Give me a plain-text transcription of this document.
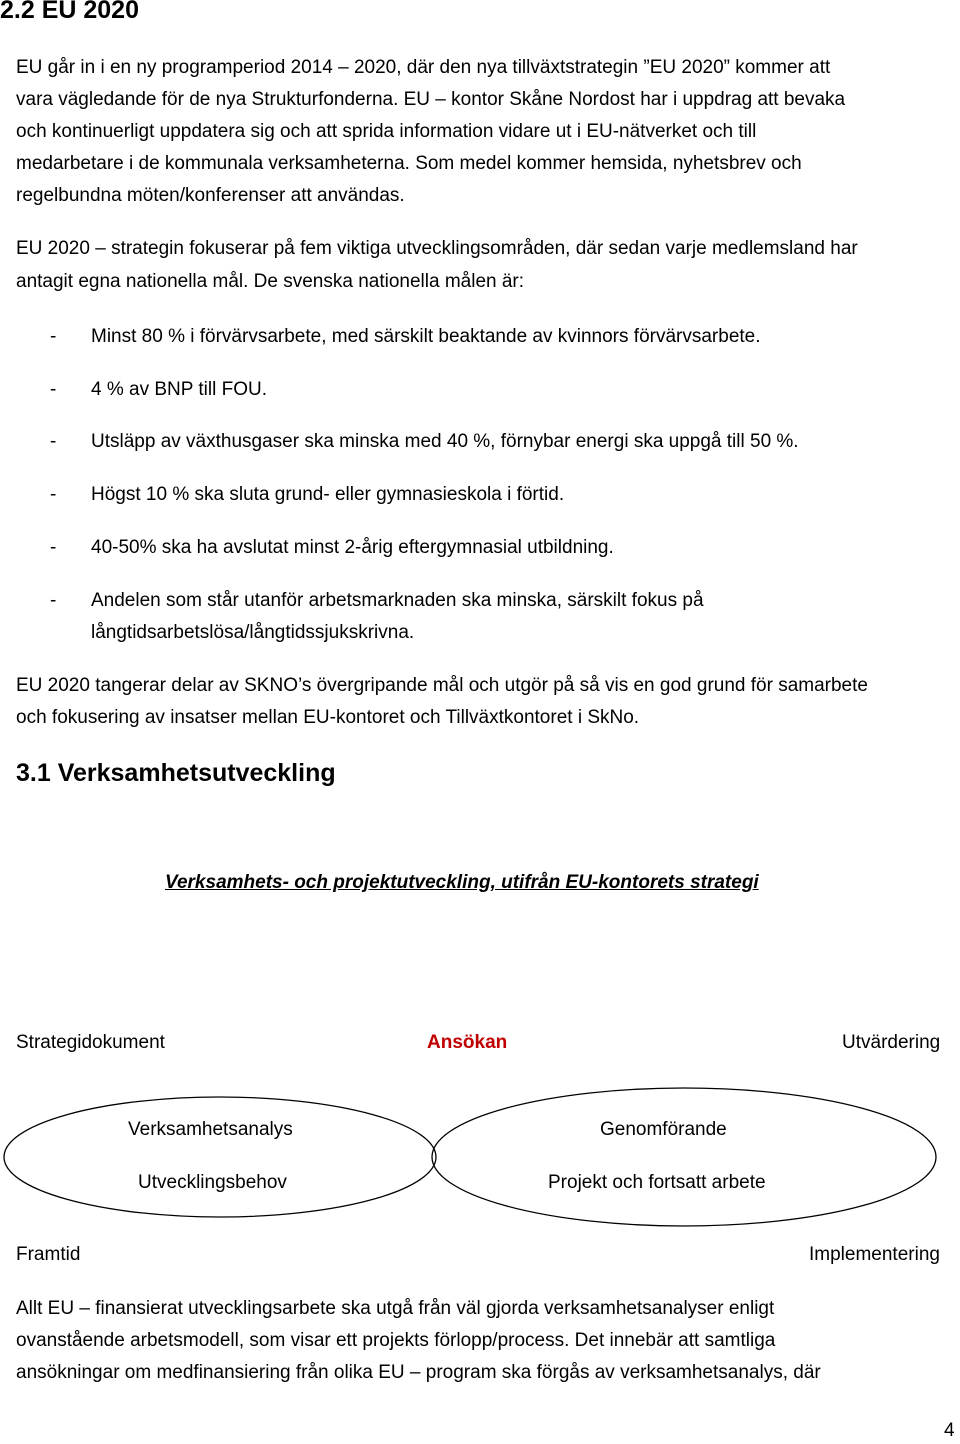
2.2 EU 2020
EU går in i en ny programperiod 2014 – 2020, där den nya tillväxtstrategin ”EU 2020” kommer att
vara vägledande för de nya Strukturfonderna. EU – kontor Skåne Nordost har i uppdrag att bevaka
och kontinuerligt uppdatera sig och att sprida information vidare ut i EU-nätverket och till
medarbetare i de kommunala verksamheterna. Som medel kommer hemsida, nyhetsbrev och
regelbundna möten/konferenser att användas.
EU 2020 – strategin fokuserar på fem viktiga utvecklingsområden, där sedan varje medlemsland har
antagit egna nationella mål. De svenska nationella målen är:
- Minst 80 % i förvärvsarbete, med särskilt beaktande av kvinnors förvärvsarbete.
- 4 % av BNP till FOU.
- Utsläpp av växthusgaser ska minska med 40 %, förnybar energi ska uppgå till 50 %.
- Högst 10 % ska sluta grund- eller gymnasieskola i förtid.
- 40-50% ska ha avslutat minst 2-årig eftergymnasial utbildning.
- Andelen som står utanför arbetsmarknaden ska minska, särskilt fokus på
långtidsarbetslösa/långtidssjukskrivna.
EU 2020 tangerar delar av SKNO’s övergripande mål och utgör på så vis en god grund för samarbete
och fokusering av insatser mellan EU-kontoret och Tillväxtkontoret i SkNo.
3.1 Verksamhetsutveckling
Verksamhets- och projektutveckling, utifrån EU-kontorets strategi
Strategidokument	Ansökan	Utvärdering
Verksamhetsanalys
Utvecklingsbehov
Genomförande
Projekt och fortsatt arbete
Framtid	Implementering
Allt EU – finansierat utvecklingsarbete ska utgå från väl gjorda verksamhetsanalyser enligt
ovanstående arbetsmodell, som visar ett projekts förlopp/process. Det innebär att samtliga
ansökningar om medfinansiering från olika EU – program ska förgås av verksamhetsanalys, där
4
